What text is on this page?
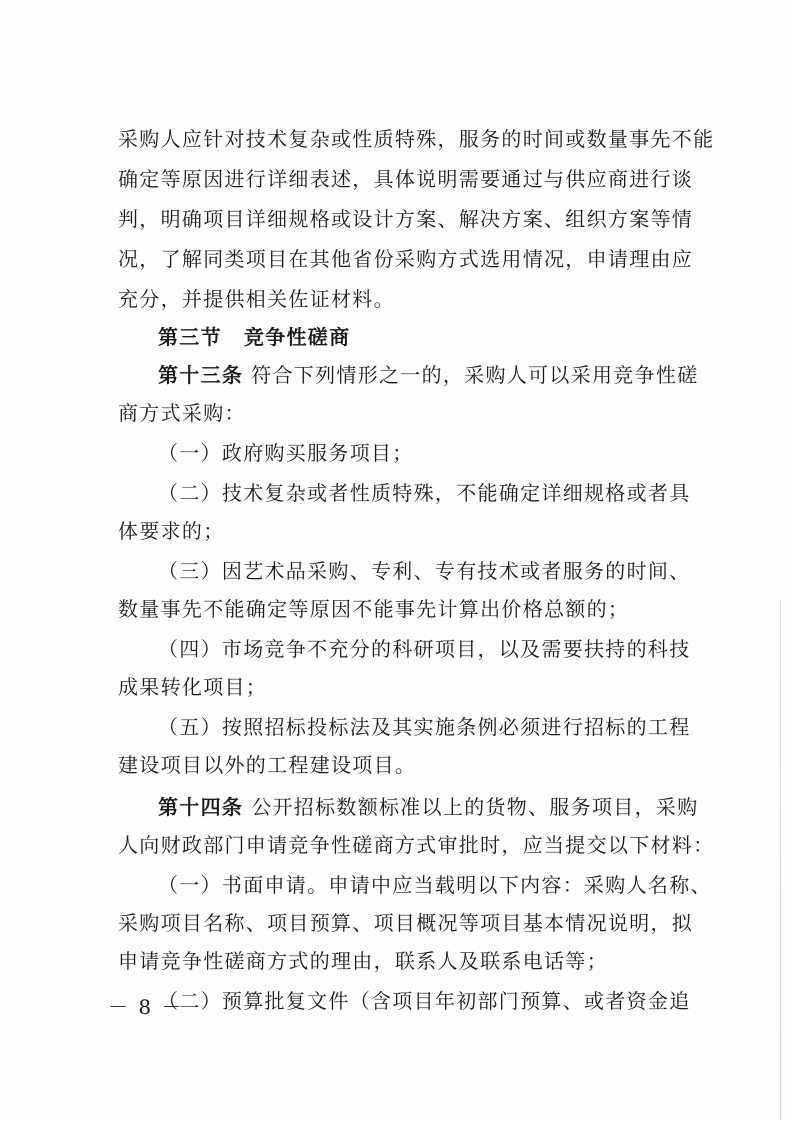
采购人应针对技术复杂或性质特殊，服务的时间或数量事先不能
确定等原因进行详细表述，具体说明需要通过与供应商进行谈
判，明确项目详细规格或设计方案、解决方案、组织方案等情
况，了解同类项目在其他省份采购方式选用情况，申请理由应
充分，并提供相关佐证材料。
第三节 竞争性磋商
第十三条 符合下列情形之一的，采购人可以采用竞争性磋
商方式采购：
（一）政府购买服务项目；
（二）技术复杂或者性质特殊，不能确定详细规格或者具
体要求的；
（三）因艺术品采购、专利、专有技术或者服务的时间、
数量事先不能确定等原因不能事先计算出价格总额的；
（四）市场竞争不充分的科研项目，以及需要扶持的科技
成果转化项目；
（五）按照招标投标法及其实施条例必须进行招标的工程
建设项目以外的工程建设项目。
第十四条 公开招标数额标准以上的货物、服务项目，采购
人向财政部门申请竞争性磋商方式审批时，应当提交以下材料：
（一）书面申请。申请中应当载明以下内容：采购人名称、
采购项目名称、项目预算、项目概况等项目基本情况说明，拟
申请竞争性磋商方式的理由，联系人及联系电话等；
（二）预算批复文件（含项目年初部门预算、或者资金追
－ 8 －
